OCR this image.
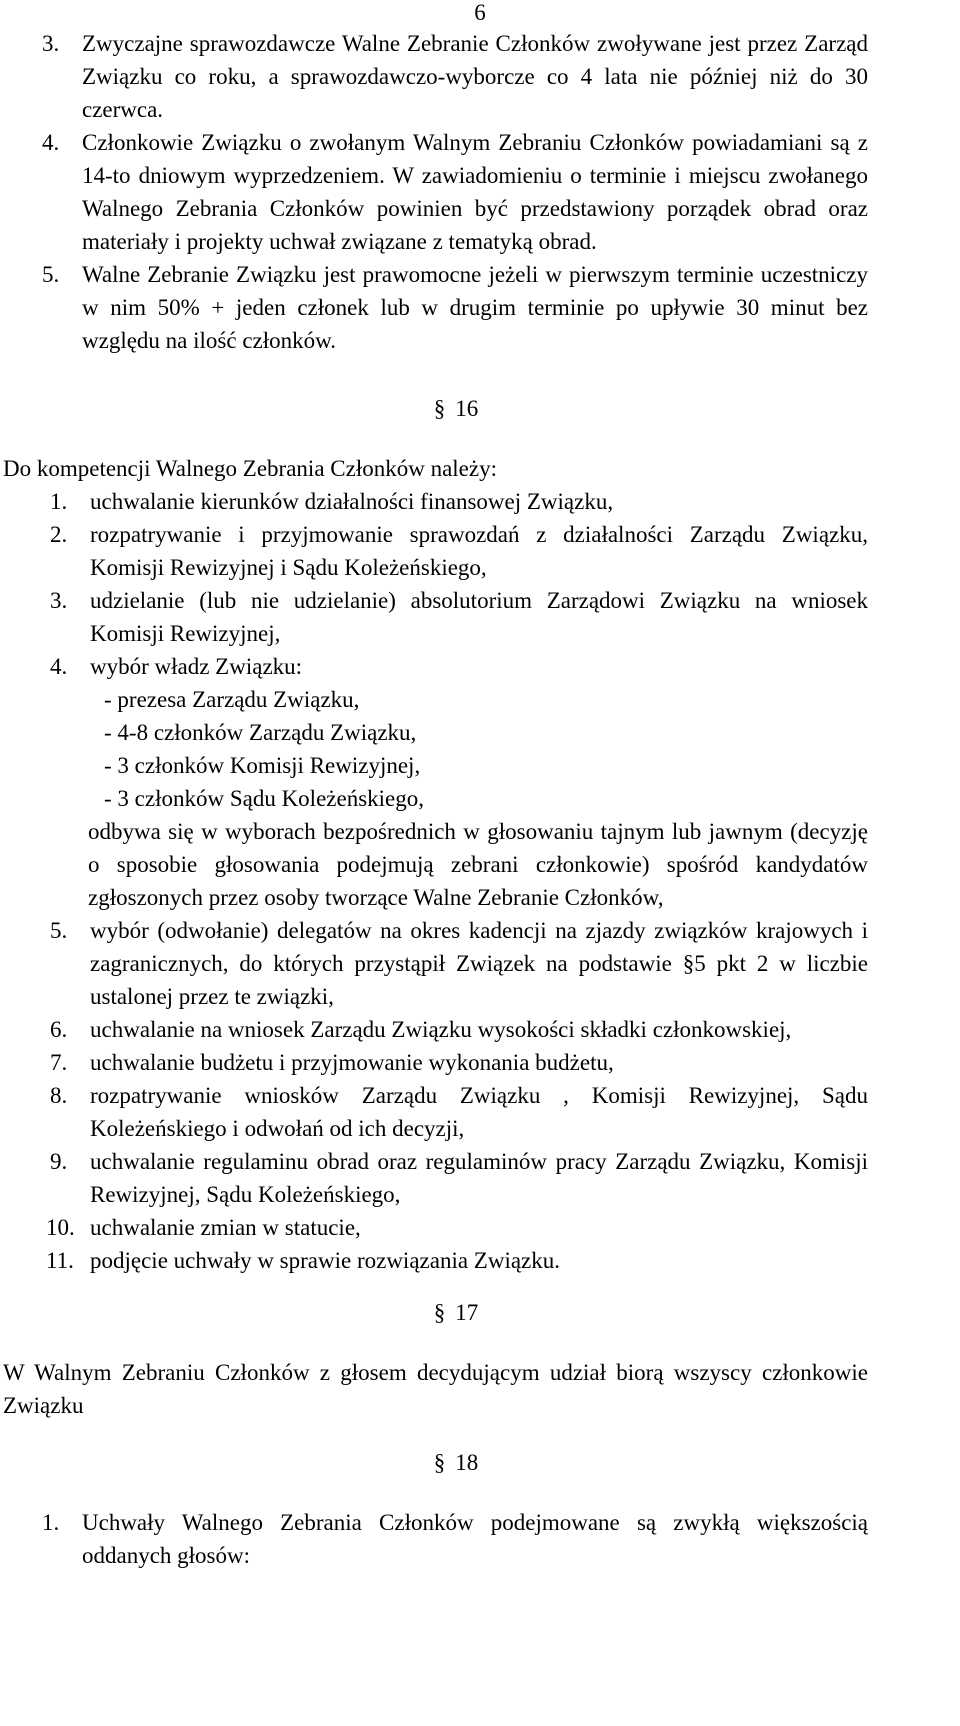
6
3. Zwyczajne sprawozdawcze Walne Zebranie Członków zwoływane jest przez Zarząd Związku co roku, a sprawozdawczo-wyborcze co 4 lata nie później niż do 30 czerwca.
4. Członkowie Związku o zwołanym Walnym Zebraniu Członków powiadamiani są z 14-to dniowym wyprzedzeniem. W zawiadomieniu o terminie i miejscu zwołanego Walnego Zebrania Członków powinien być przedstawiony porządek obrad oraz materiały i projekty uchwał związane z tematyką obrad.
5. Walne Zebranie Związku jest prawomocne jeżeli w pierwszym terminie uczestniczy w nim 50% + jeden członek lub w drugim terminie po upływie 30 minut bez względu na ilość członków.
§ 16
Do kompetencji Walnego Zebrania Członków należy:
1. uchwalanie kierunków działalności finansowej Związku,
2. rozpatrywanie i przyjmowanie sprawozdań z działalności Zarządu Związku, Komisji Rewizyjnej i Sądu Koleżeńskiego,
3. udzielanie (lub nie udzielanie) absolutorium Zarządowi Związku na wniosek Komisji Rewizyjnej,
4. wybór władz Związku:
- prezesa Zarządu Związku,
- 4-8 członków Zarządu Związku,
- 3 członków Komisji Rewizyjnej,
- 3 członków Sądu Koleżeńskiego,
odbywa się w wyborach bezpośrednich w głosowaniu tajnym lub jawnym (decyzję o sposobie głosowania podejmują zebrani członkowie) spośród kandydatów zgłoszonych przez osoby tworzące Walne Zebranie Członków,
5. wybór (odwołanie) delegatów na okres kadencji na zjazdy związków krajowych i zagranicznych, do których przystąpił Związek na podstawie §5 pkt 2 w liczbie ustalonej przez te związki,
6. uchwalanie na wniosek Zarządu Związku wysokości składki członkowskiej,
7. uchwalanie budżetu i przyjmowanie wykonania budżetu,
8. rozpatrywanie wniosków Zarządu Związku , Komisji Rewizyjnej, Sądu Koleżeńskiego i odwołań od ich decyzji,
9. uchwalanie regulaminu obrad oraz regulaminów pracy Zarządu Związku, Komisji Rewizyjnej, Sądu Koleżeńskiego,
10. uchwalanie zmian w statucie,
11. podjęcie uchwały w sprawie rozwiązania Związku.
§ 17
W Walnym Zebraniu Członków z głosem decydującym udział biorą wszyscy członkowie Związku
§ 18
1. Uchwały Walnego Zebrania Członków podejmowane są zwykłą większością oddanych głosów:
